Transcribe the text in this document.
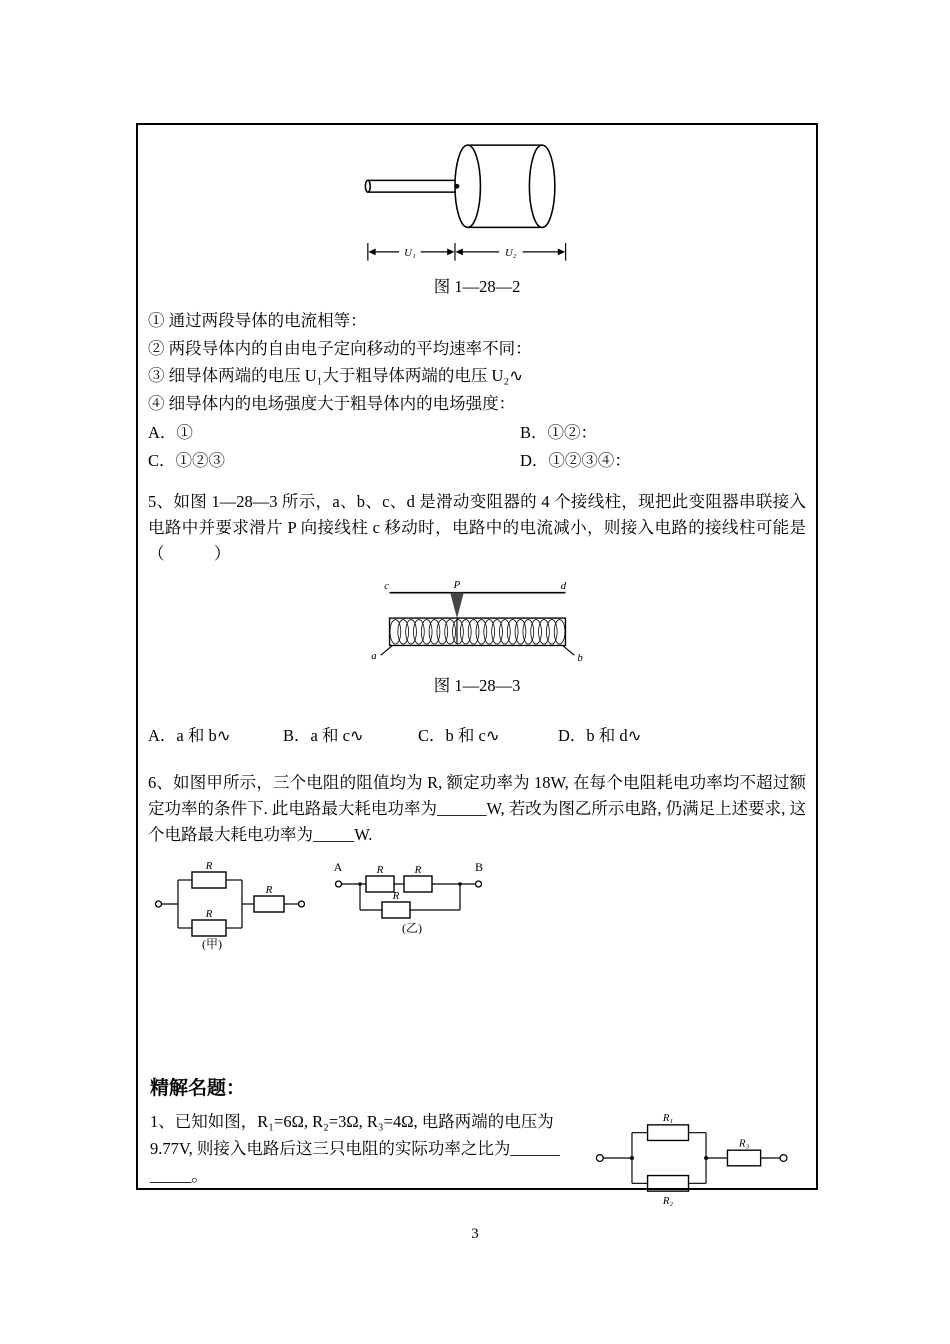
U₁	U₂

图 1—28—2

① 通过两段导体的电流相等：

② 两段导体内的自由电子定向移动的平均速率不同：

③ 细导体两端的电压 U₁大于粗导体两端的电压 U₂∿

④ 细导体内的电场强度大于粗导体内的电场强度：

A．①	B．①②：
C．①②③	D．①②③④：

5、如图 1—28—3 所示，a、b、c、d 是滑动变阻器的 4 个接线柱，现把此变阻器串联接入电路中并要求滑片 P 向接线柱 c 移动时，电路中的电流减小，则接入电路的接线柱可能是（　　　）

c	P	d
a	b

图 1—28—3

A．a 和 b∿	B．a 和 c∿	C．b 和 c∿	D．b 和 d∿

6、如图甲所示，三个电阻的阻值均为 R, 额定功率为 18W, 在每个电阻耗电功率均不超过额定功率的条件下. 此电路最大耗电功率为______W, 若改为图乙所示电路, 仍满足上述要求, 这个电路最大耗电功率为_____W.

R
R
R
(甲)
R	R
R
A	B
(乙)
精解名题：

1、已知如图，R₁=6Ω, R₂=3Ω, R₃=4Ω, 电路两端的电压为 9.77V, 则接入电路后这三只电阻的实际功率之比为______ _____。

R₁
R₂
R₃
3
